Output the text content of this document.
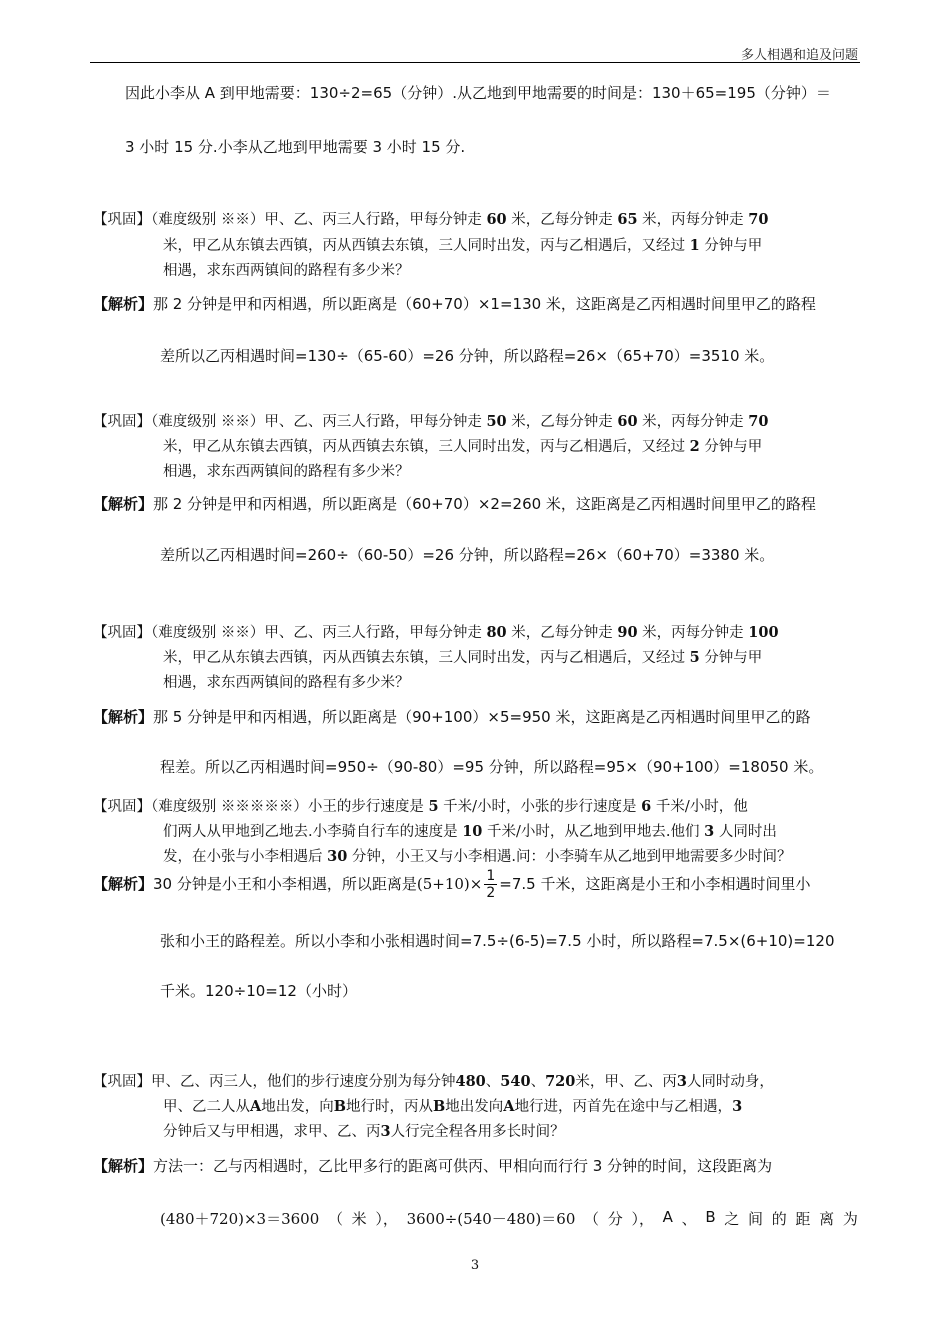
多人相遇和追及问题
因此小李从 A 到甲地需要：130÷2=65（分钟）.从乙地到甲地需要的时间是：130＋65=195（分钟）＝
3 小时 15 分.小李从乙地到甲地需要 3 小时 15 分.
【巩固】（难度级别 ※※）甲、乙、丙三人行路，甲每分钟走 60 米，乙每分钟走 65 米，丙每分钟走 70
米，甲乙从东镇去西镇，丙从西镇去东镇，三人同时出发，丙与乙相遇后，又经过 1 分钟与甲
相遇，求东西两镇间的路程有多少米？
【解析】那 2 分钟是甲和丙相遇，所以距离是（60+70）×1=130 米，这距离是乙丙相遇时间里甲乙的路程
差所以乙丙相遇时间=130÷（65-60）=26 分钟，所以路程=26×（65+70）=3510 米。
【巩固】（难度级别 ※※）甲、乙、丙三人行路，甲每分钟走 50 米，乙每分钟走 60 米，丙每分钟走 70
米，甲乙从东镇去西镇，丙从西镇去东镇，三人同时出发，丙与乙相遇后，又经过 2 分钟与甲
相遇，求东西两镇间的路程有多少米？
【解析】那 2 分钟是甲和丙相遇，所以距离是（60+70）×2=260 米，这距离是乙丙相遇时间里甲乙的路程
差所以乙丙相遇时间=260÷（60-50）=26 分钟，所以路程=26×（60+70）=3380 米。
【巩固】（难度级别 ※※）甲、乙、丙三人行路，甲每分钟走 80 米，乙每分钟走 90 米，丙每分钟走 100
米，甲乙从东镇去西镇，丙从西镇去东镇，三人同时出发，丙与乙相遇后，又经过 5 分钟与甲
相遇，求东西两镇间的路程有多少米？
【解析】那 5 分钟是甲和丙相遇，所以距离是（90+100）×5=950 米，这距离是乙丙相遇时间里甲乙的路
程差。所以乙丙相遇时间=950÷（90-80）=95 分钟，所以路程=95×（90+100）=18050 米。
【巩固】（难度级别 ※※※※※）小王的步行速度是 5 千米/小时，小张的步行速度是 6 千米/小时，他
们两人从甲地到乙地去.小李骑自行车的速度是 10 千米/小时，从乙地到甲地去.他们 3 人同时出
发，在小张与小李相遇后 30 分钟，小王又与小李相遇.问：小李骑车从乙地到甲地需要多少时间？
【解析】30 分钟是小王和小李相遇，所以距离是$(5+10)\times \frac{1}{2} =7.5$ 千米，这距离是小王和小李相遇时间里小
张和小王的路程差。所以小李和小张相遇时间=7.5÷(6-5)=7.5 小时，所以路程=7.5×(6+10)=120
千米。120÷10=12（小时）
【巩固】甲、乙、丙三人，他们的步行速度分别为每分钟480、540、720米，甲、乙、丙3人同时动身，
甲、乙二人从A地出发，向B地行时，丙从B地出发向A地行进，丙首先在途中与乙相遇，3
分钟后又与甲相遇，求甲、乙、丙3人行完全程各用多长时间？
【解析】方法一：乙与丙相遇时，乙比甲多行的距离可供丙、甲相向而行行 3 分钟的时间，这段距离为
(480＋720)×3＝3600 （ 米 ）， 3600÷(540－480)＝60 （ 分 ）， A 、 B 之 间 的 距 离 为
3
